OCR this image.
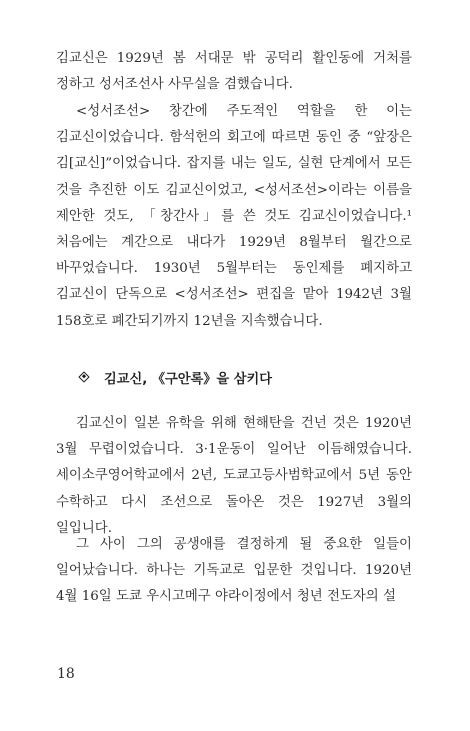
김교신은 1929년 봄 서대문 밖 공덕리 활인동에 거처를 정하고 성서조선사 사무실을 겸했습니다.

<성서조선> 창간에 주도적인 역할을 한 이는 김교신이었습니다. 함석헌의 회고에 따르면 동인 중 “앞장은 김[교신]”이었습니다. 잡지를 내는 일도, 실현 단계에서 모든 것을 추진한 이도 김교신이었고, <성서조선>이라는 이름을 제안한 것도, 「창간사」를 쓴 것도 김교신이었습니다.¹ 처음에는 계간으로 내다가 1929년 8월부터 월간으로 바꾸었습니다. 1930년 5월부터는 동인제를 폐지하고 김교신이 단독으로 <성서조선> 편집을 맡아 1942년 3월 158호로 폐간되기까지 12년을 지속했습니다.

김교신, 《구안록》을 삼키다

김교신이 일본 유학을 위해 현해탄을 건넌 것은 1920년 3월 무렵이었습니다. 3·1운동이 일어난 이듬해였습니다. 세이소쿠영어학교에서 2년, 도쿄고등사범학교에서 5년 동안 수학하고 다시 조선으로 돌아온 것은 1927년 3월의 일입니다.

그 사이 그의 공생애를 결정하게 될 중요한 일들이 일어났습니다. 하나는 기독교로 입문한 것입니다. 1920년 4월 16일 도쿄 우시고메구 야라이정에서 청년 전도자의 설

18
